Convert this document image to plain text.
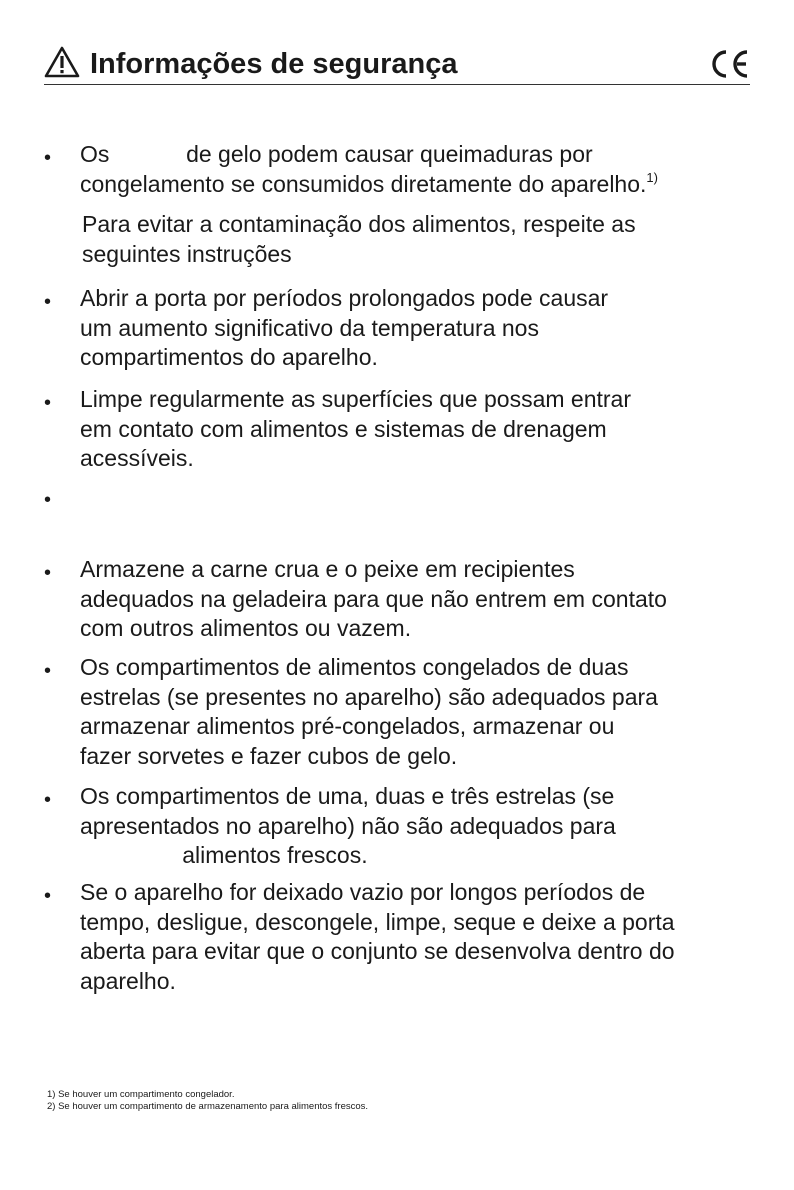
Informações de segurança
• Os            de gelo podem causar queimaduras por
congelamento se consumidos diretamente do aparelho.$^{1)}$
Para evitar a contaminação dos alimentos, respeite as
seguintes instruções
• Abrir a porta por períodos prolongados pode causar
um aumento significativo da temperatura nos
compartimentos do aparelho.
• Limpe regularmente as superfícies que possam entrar
em contato com alimentos e sistemas de drenagem
acessíveis.
•
• Armazene a carne crua e o peixe em recipientes
adequados na geladeira para que não entrem em contato
com outros alimentos ou vazem.
• Os compartimentos de alimentos congelados de duas
estrelas (se presentes no aparelho) são adequados para
armazenar alimentos pré-congelados, armazenar ou
fazer sorvetes e fazer cubos de gelo.
• Os compartimentos de uma, duas e três estrelas (se
apresentados no aparelho) não são adequados para
alimentos frescos.
• Se o aparelho for deixado vazio por longos períodos de
tempo, desligue, descongele, limpe, seque e deixe a porta
aberta para evitar que o conjunto se desenvolva dentro do
aparelho.
1) Se houver um compartimento congelador.
2) Se houver um compartimento de armazenamento para alimentos frescos.
